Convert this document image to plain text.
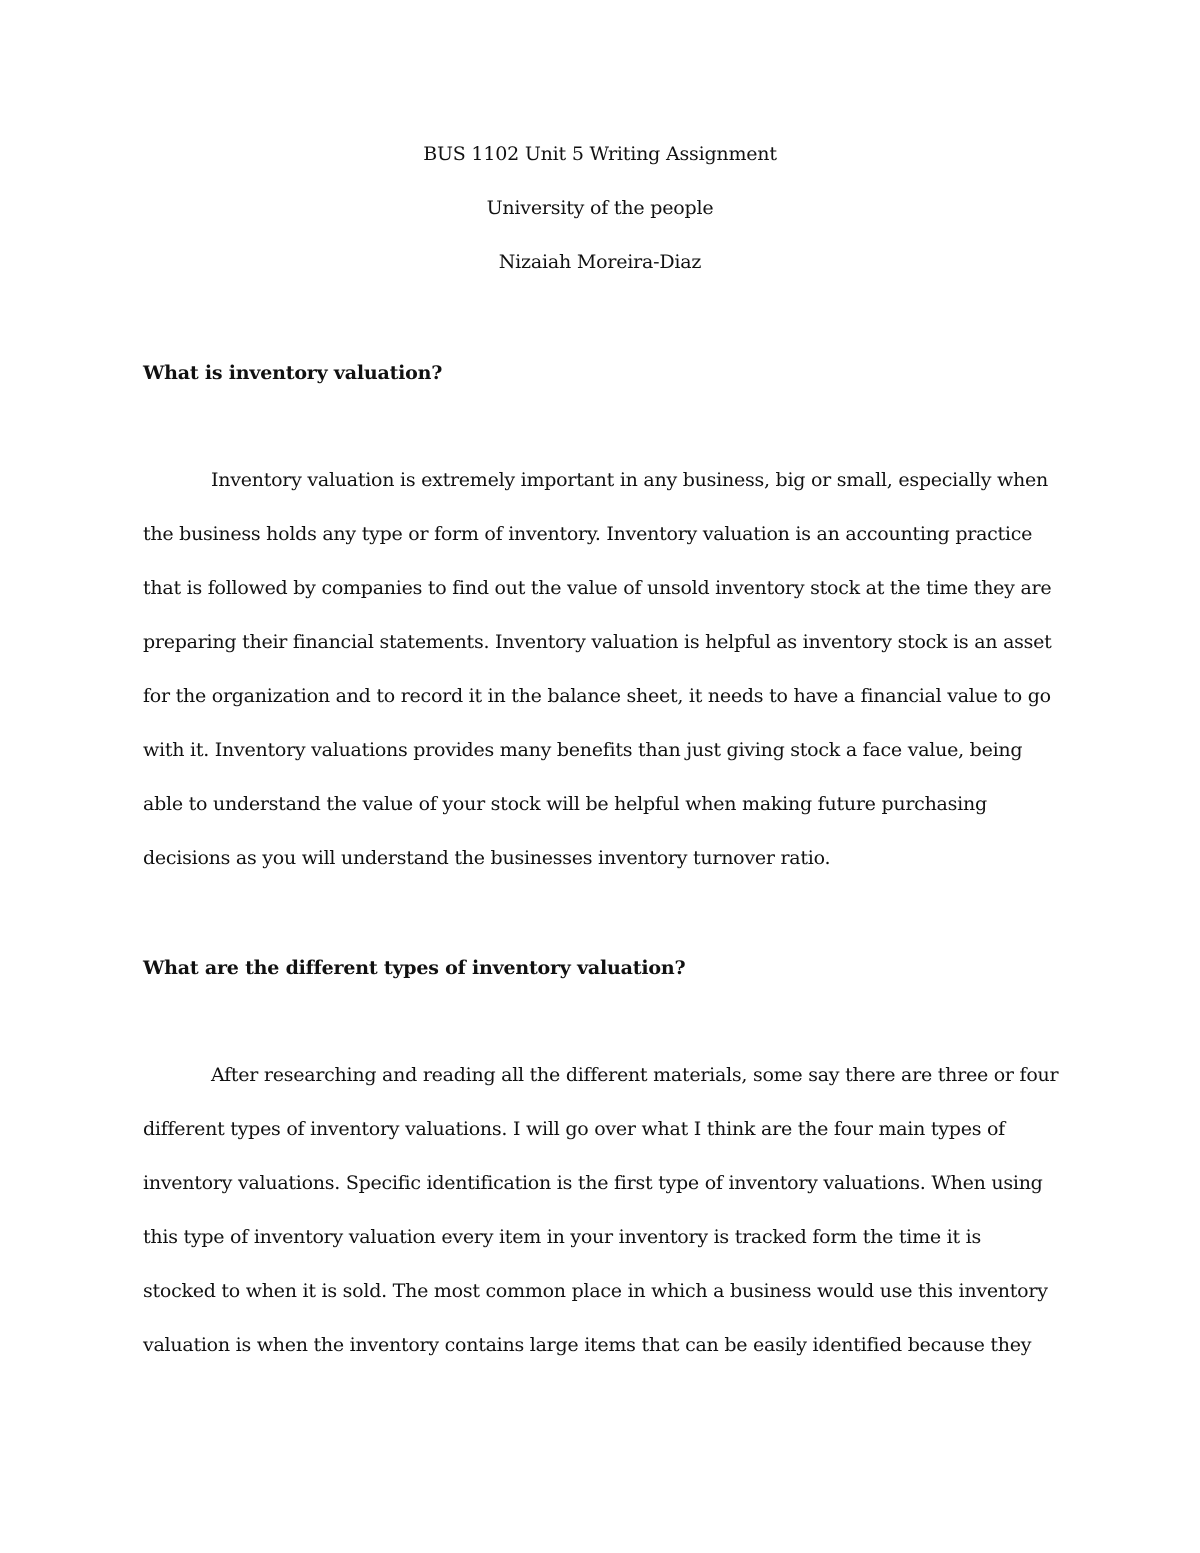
BUS 1102 Unit 5 Writing Assignment

University of the people

Nizaiah Moreira-Diaz

What is inventory valuation?
Inventory valuation is extremely important in any business, big or small, especially when
the business holds any type or form of inventory. Inventory valuation is an accounting practice
that is followed by companies to find out the value of unsold inventory stock at the time they are
preparing their financial statements. Inventory valuation is helpful as inventory stock is an asset
for the organization and to record it in the balance sheet, it needs to have a financial value to go
with it. Inventory valuations provides many benefits than just giving stock a face value, being
able to understand the value of your stock will be helpful when making future purchasing
decisions as you will understand the businesses inventory turnover ratio.
What are the different types of inventory valuation?
After researching and reading all the different materials, some say there are three or four
different types of inventory valuations. I will go over what I think are the four main types of
inventory valuations. Specific identification is the first type of inventory valuations. When using
this type of inventory valuation every item in your inventory is tracked form the time it is
stocked to when it is sold. The most common place in which a business would use this inventory
valuation is when the inventory contains large items that can be easily identified because they
